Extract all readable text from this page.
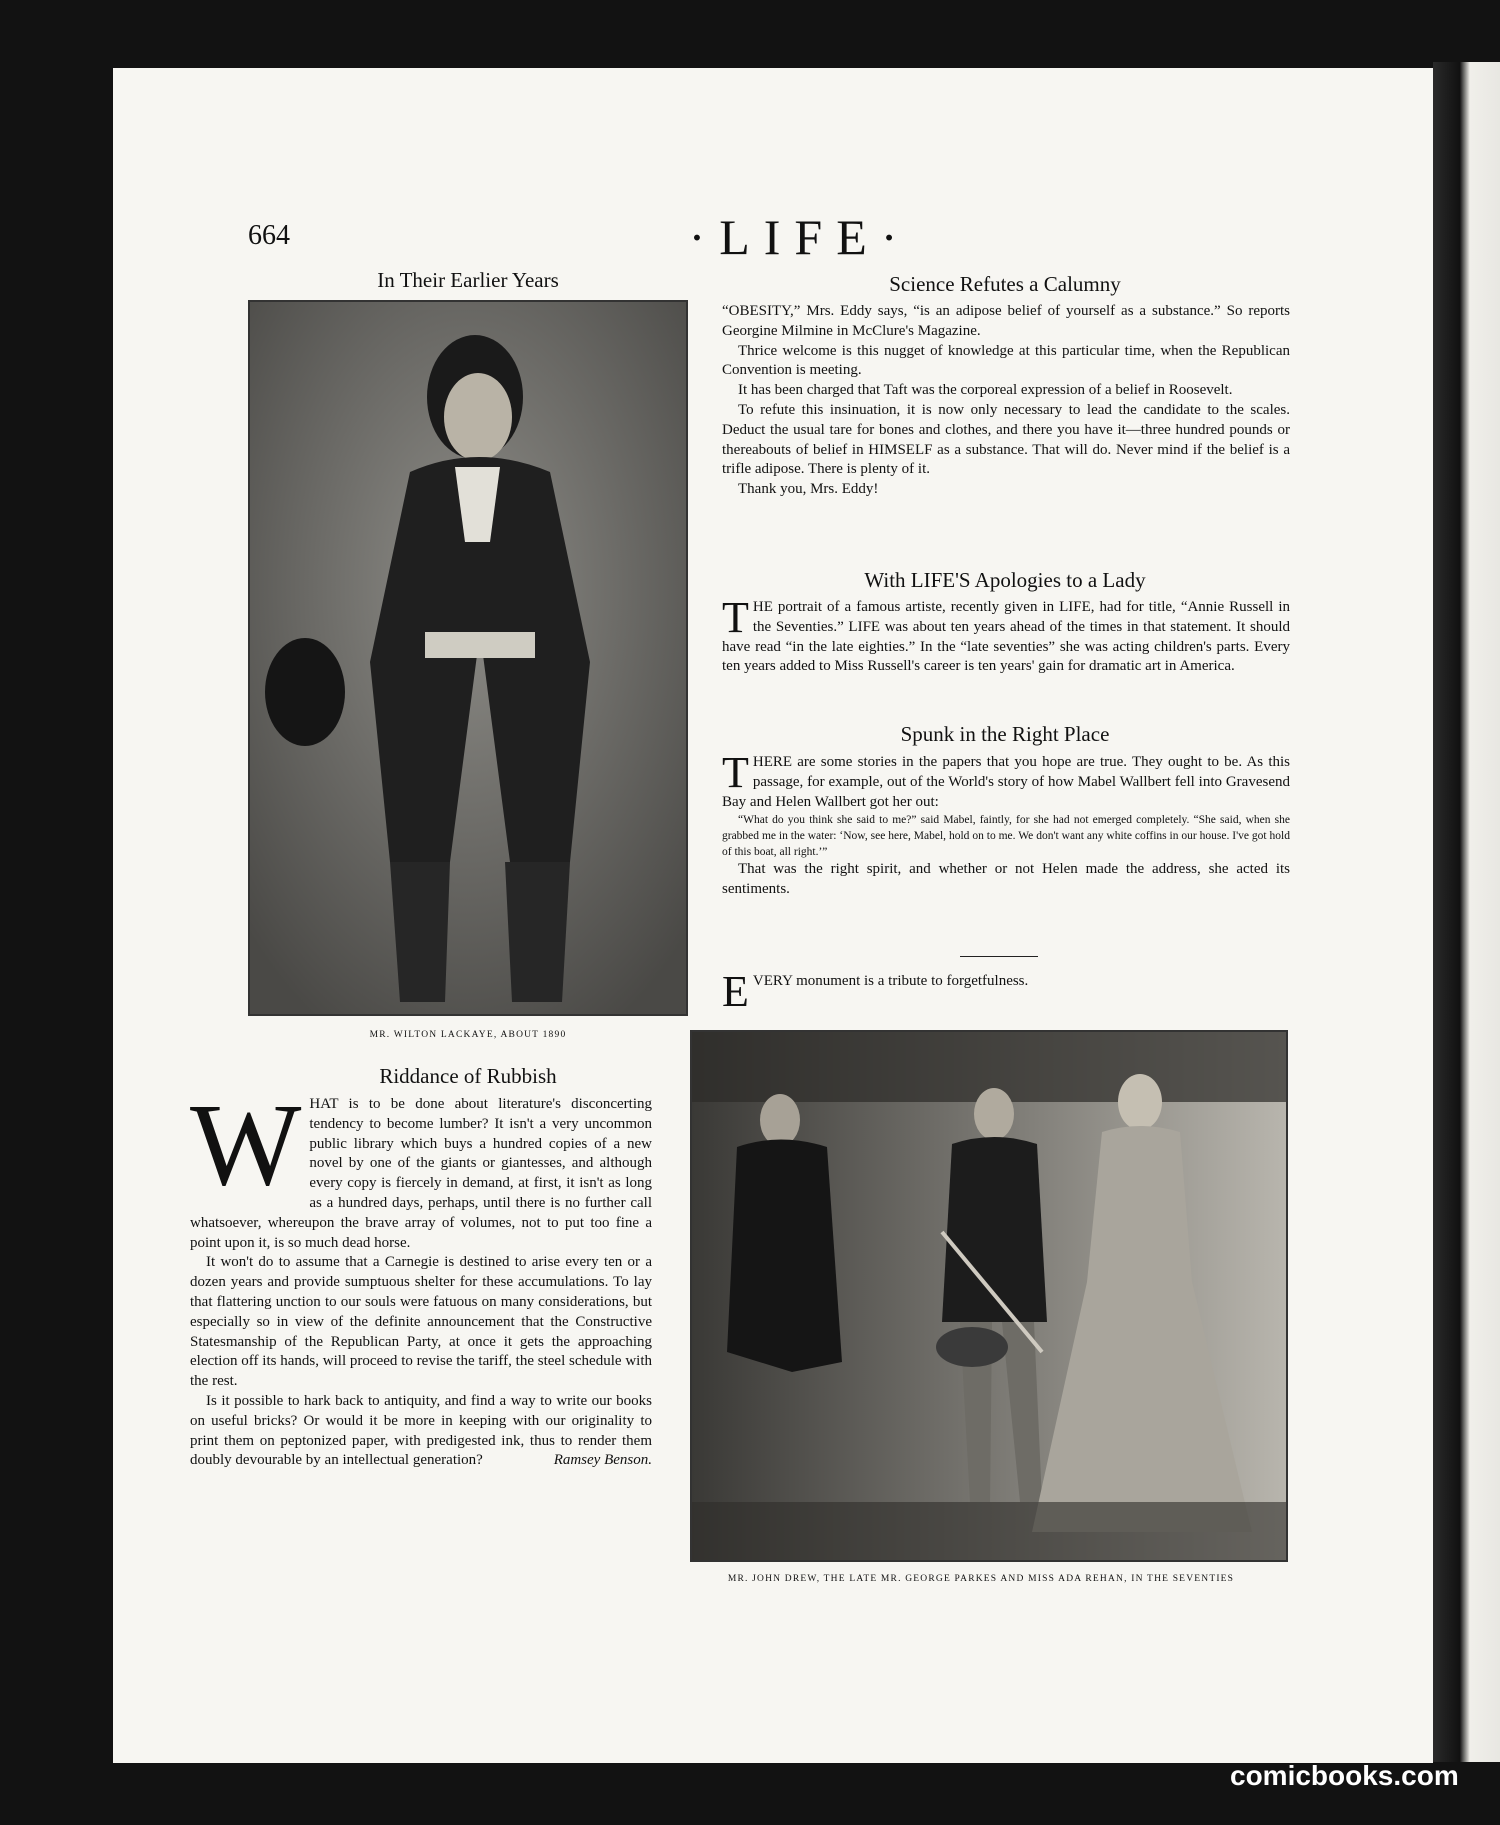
664	·LIFE·
In Their Earlier Years
MR. WILTON LACKAYE, ABOUT 1890
Riddance of Rubbish

W HAT is to be done about literature's disconcerting tendency to become lumber? It isn't a very uncommon public library which buys a hundred copies of a new novel by one of the giants or giantesses, and although every copy is fiercely in demand, at first, it isn't as long as a hundred days, perhaps, until there is no further call whatsoever, whereupon the brave array of volumes, not to put too fine a point upon it, is so much dead horse.

It won't do to assume that a Carnegie is destined to arise every ten or a dozen years and provide sumptuous shelter for these accumulations. To lay that flattering unction to our souls were fatuous on many considerations, but especially so in view of the definite announcement that the Constructive Statesmanship of the Republican Party, at once it gets the approaching election off its hands, will proceed to revise the tariff, the steel schedule with the rest.

Is it possible to hark back to antiquity, and find a way to write our books on useful bricks? Or would it be more in keeping with our originality to print them on peptonized paper, with predigested ink, thus to render them doubly devourable by an intellectual generation?	Ramsey Benson.

Science Refutes a Calumny

“OBESITY,” Mrs. Eddy says, “is an adipose belief of yourself as a substance.” So reports Georgine Milmine in McClure's Magazine.

Thrice welcome is this nugget of knowledge at this particular time, when the Republican Convention is meeting.

It has been charged that Taft was the corporeal expression of a belief in Roosevelt.

To refute this insinuation, it is now only necessary to lead the candidate to the scales. Deduct the usual tare for bones and clothes, and there you have it—three hundred pounds or thereabouts of belief in HIMSELF as a substance. That will do. Never mind if the belief is a trifle adipose. There is plenty of it.

Thank you, Mrs. Eddy!

With LIFE'S Apologies to a Lady

T HE portrait of a famous artiste, recently given in LIFE, had for title, “Annie Russell in the Seventies.” LIFE was about ten years ahead of the times in that statement. It should have read “in the late eighties.” In the “late seventies” she was acting children's parts. Every ten years added to Miss Russell's career is ten years' gain for dramatic art in America.

Spunk in the Right Place

T HERE are some stories in the papers that you hope are true. They ought to be. As this passage, for example, out of the World's story of how Mabel Wallbert fell into Gravesend Bay and Helen Wallbert got her out:

“What do you think she said to me?” said Mabel, faintly, for she had not emerged completely. “She said, when she grabbed me in the water: ‘Now, see here, Mabel, hold on to me. We don't want any white coffins in our house. I've got hold of this boat, all right.’”

That was the right spirit, and whether or not Helen made the address, she acted its sentiments.

E VERY monument is a tribute to forgetfulness.

MR. JOHN DREW, THE LATE MR. GEORGE PARKES AND MISS ADA REHAN, IN THE SEVENTIES
comicbooks.com
